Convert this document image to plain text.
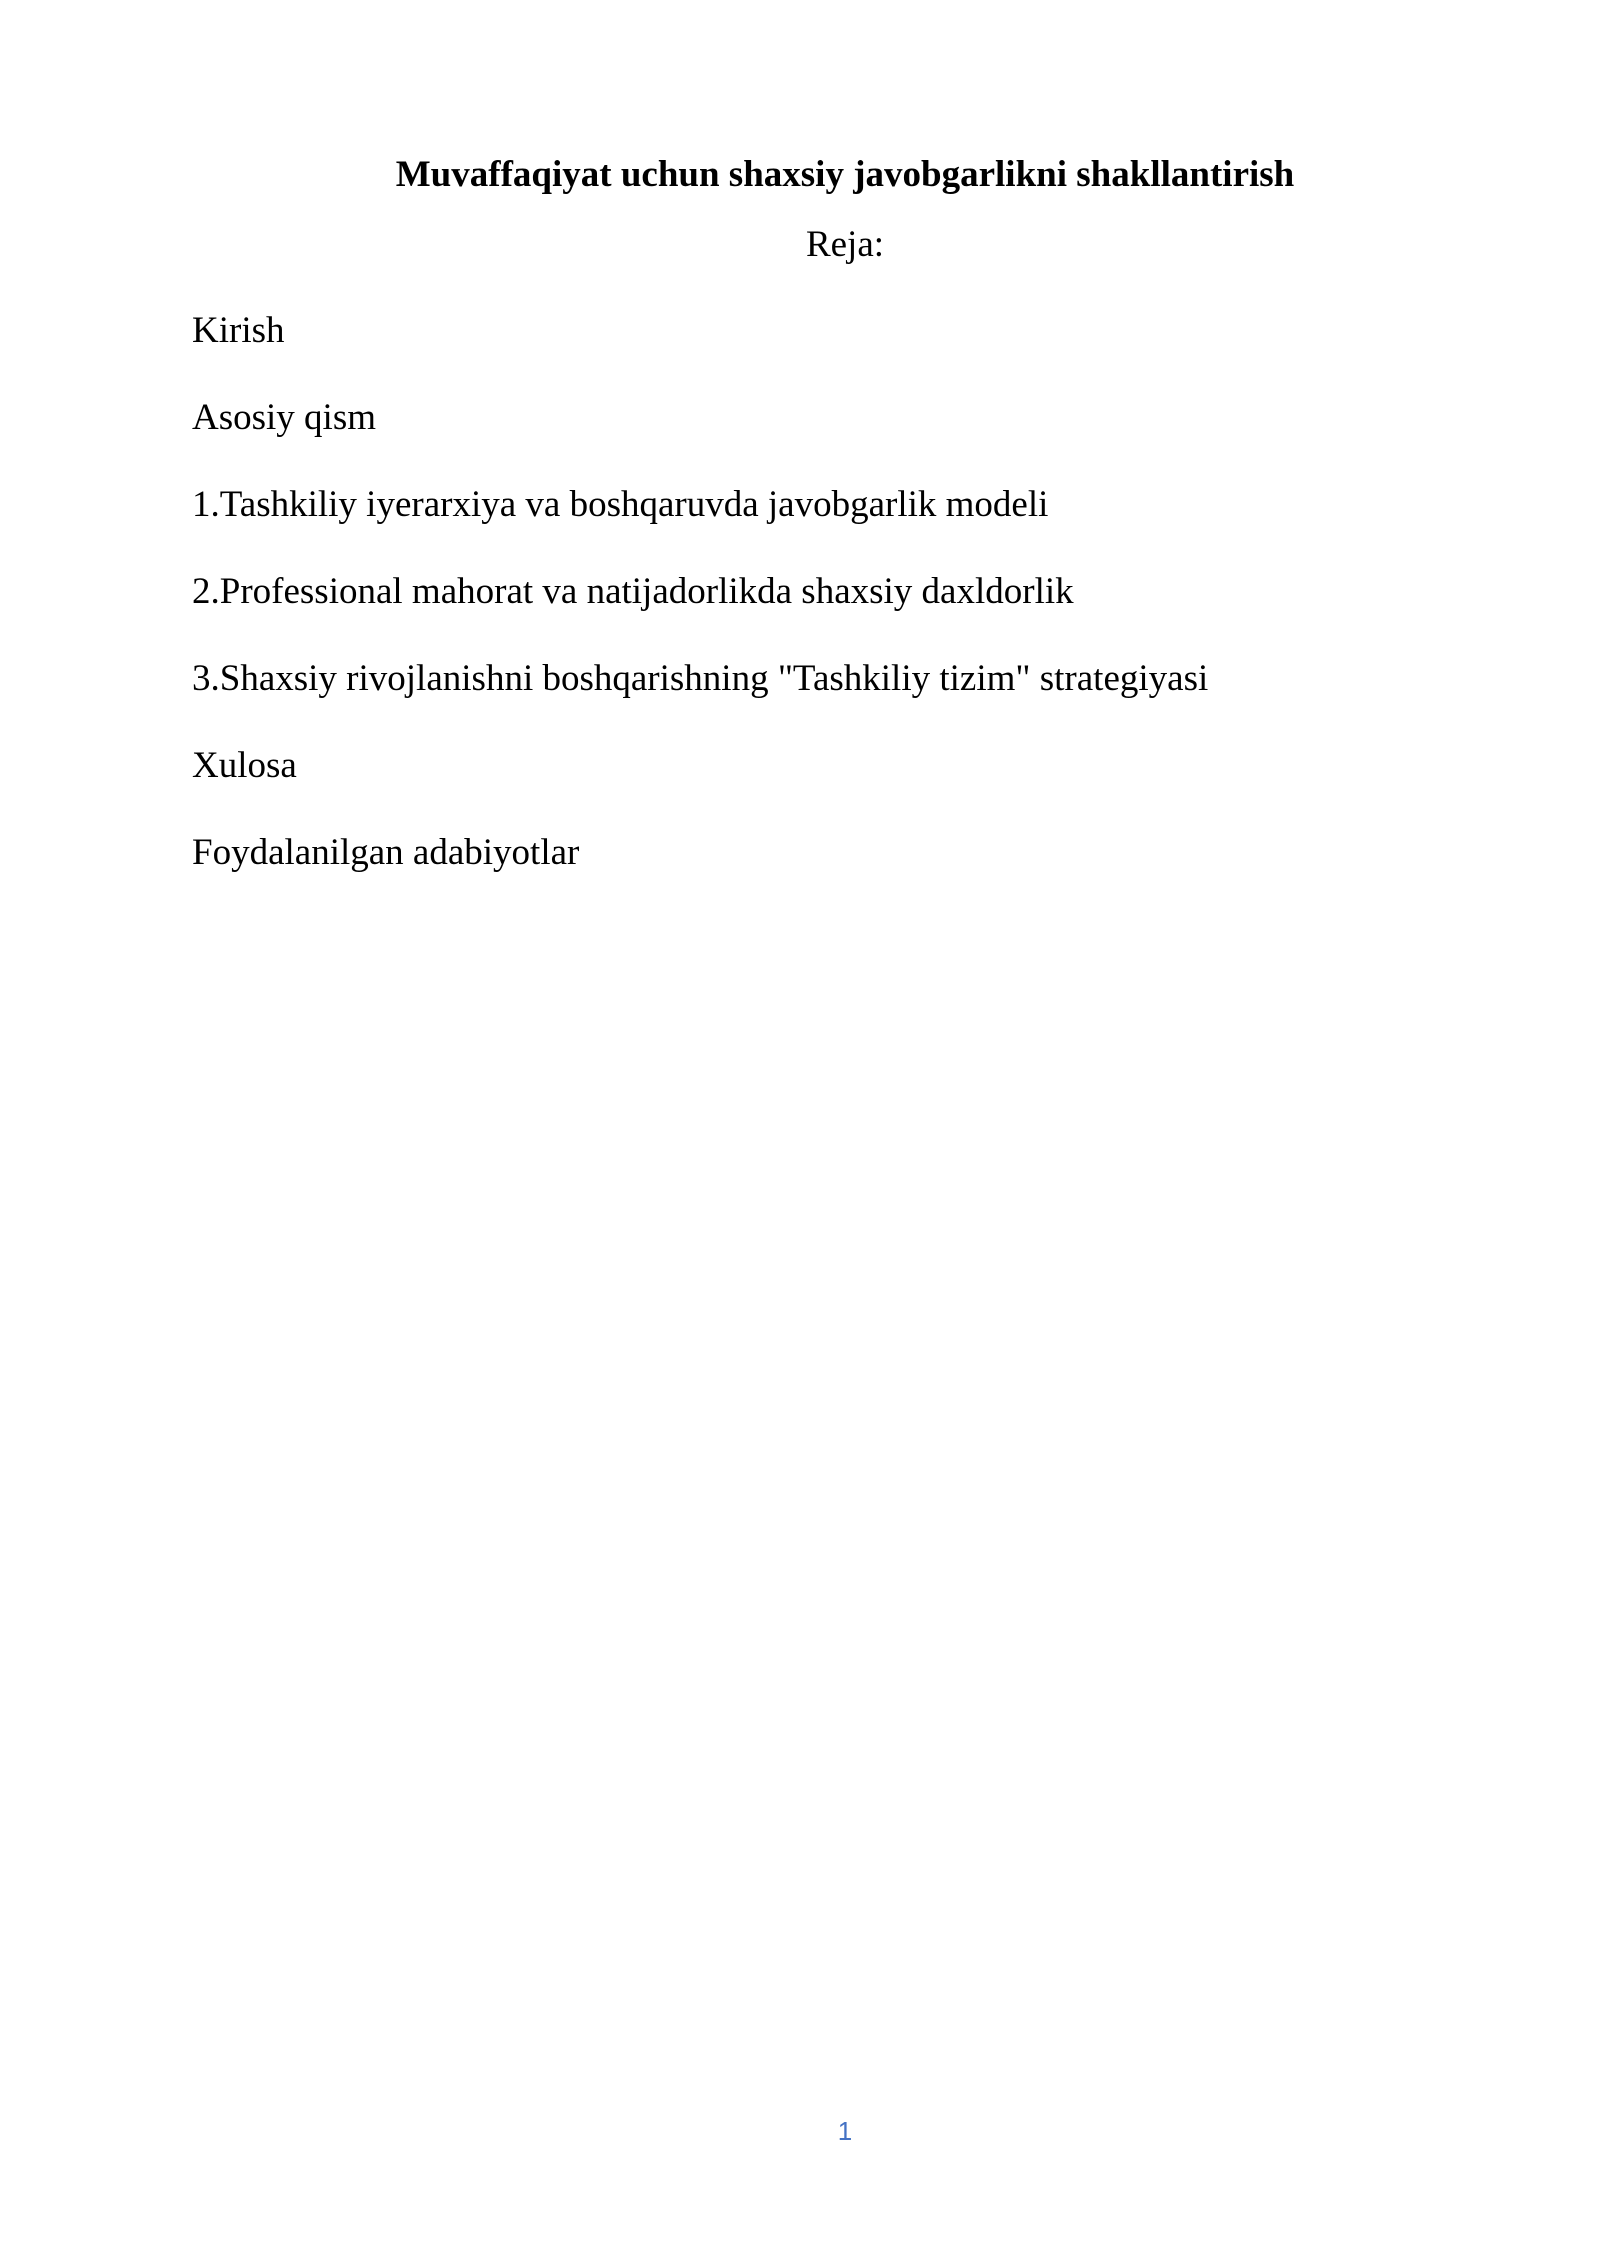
Muvaffaqiyat uchun shaxsiy javobgarlikni shakllantirish
Reja:
Kirish
Asosiy qism
1.Tashkiliy iyerarxiya va boshqaruvda javobgarlik modeli
2.Professional mahorat va natijadorlikda shaxsiy daxldorlik
3.Shaxsiy rivojlanishni boshqarishning "Tashkiliy tizim" strategiyasi
Xulosa
Foydalanilgan adabiyotlar
1
